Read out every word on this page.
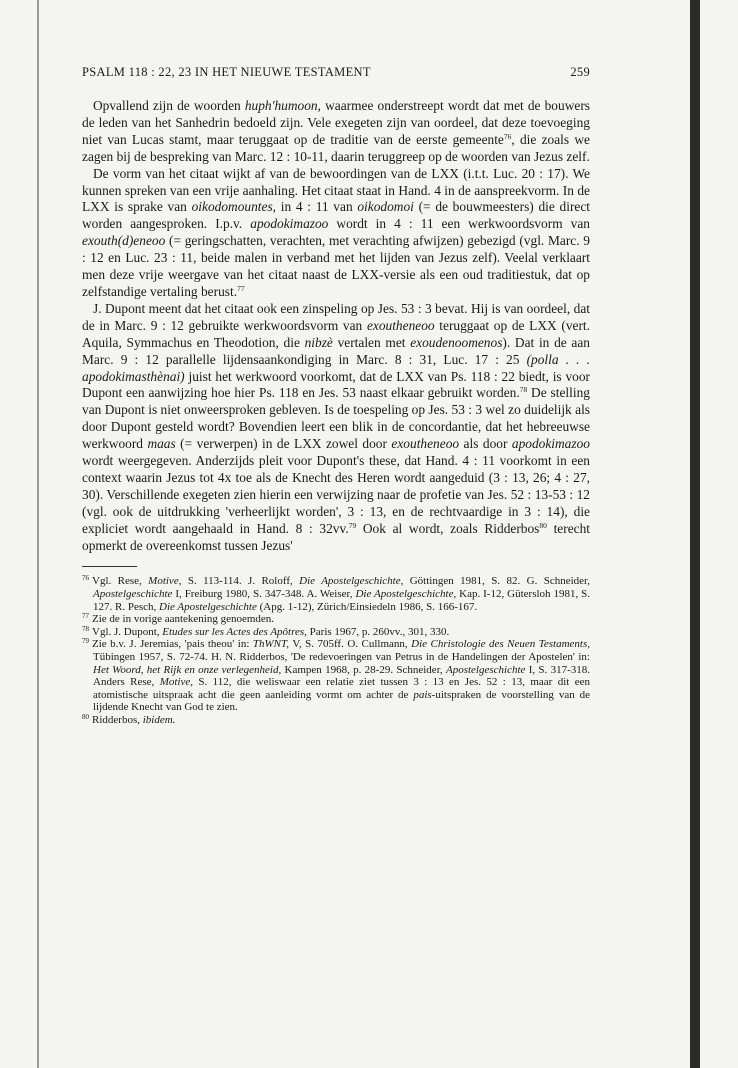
PSALM 118 : 22, 23 IN HET NIEUWE TESTAMENT	259

Opvallend zijn de woorden huph'humoon, waarmee onderstreept wordt dat met de bouwers de leden van het Sanhedrin bedoeld zijn. Vele exegeten zijn van oordeel, dat deze toevoeging niet van Lucas stamt, maar teruggaat op de traditie van de eerste gemeente$^{76}$, die zoals we zagen bij de bespreking van Marc. 12 : 10-11, daarin teruggreep op de woorden van Jezus zelf.

De vorm van het citaat wijkt af van de bewoordingen van de LXX (i.t.t. Luc. 20 : 17). We kunnen spreken van een vrije aanhaling. Het citaat staat in Hand. 4 in de aanspreekvorm. In de LXX is sprake van oikodomountes, in 4 : 11 van oikodomoi (= de bouwmeesters) die direct worden aangesproken. I.p.v. apodokimazoo wordt in 4 : 11 een werkwoordsvorm van exouth(d)eneoo (= geringschatten, verachten, met verachting afwijzen) gebezigd (vgl. Marc. 9 : 12 en Luc. 23 : 11, beide malen in verband met het lijden van Jezus zelf). Veelal verklaart men deze vrije weergave van het citaat naast de LXX-versie als een oud traditiestuk, dat op zelfstandige vertaling berust.$^{77}$

J. Dupont meent dat het citaat ook een zinspeling op Jes. 53 : 3 bevat. Hij is van oordeel, dat de in Marc. 9 : 12 gebruikte werkwoordsvorm van exoutheneoo teruggaat op de LXX (vert. Aquila, Symmachus en Theodotion, die nibzè vertalen met exoudenoomenos). Dat in de aan Marc. 9 : 12 parallelle lijdensaankondiging in Marc. 8 : 31, Luc. 17 : 25 (polla . . . apodokimasthènai) juist het werkwoord voorkomt, dat de LXX van Ps. 118 : 22 biedt, is voor Dupont een aanwijzing hoe hier Ps. 118 en Jes. 53 naast elkaar gebruikt worden.$^{78}$ De stelling van Dupont is niet onweersproken gebleven. Is de toespeling op Jes. 53 : 3 wel zo duidelijk als door Dupont gesteld wordt? Bovendien leert een blik in de concordantie, dat het hebreeuwse werkwoord maas (= verwerpen) in de LXX zowel door exoutheneoo als door apodokimazoo wordt weergegeven. Anderzijds pleit voor Dupont's these, dat Hand. 4 : 11 voorkomt in een context waarin Jezus tot 4x toe als de Knecht des Heren wordt aangeduid (3 : 13, 26; 4 : 27, 30). Verschillende exegeten zien hierin een verwijzing naar de profetie van Jes. 52 : 13-53 : 12 (vgl. ook de uitdrukking 'verheerlijkt worden', 3 : 13, en de rechtvaardige in 3 : 14), die expliciet wordt aangehaald in Hand. 8 : 32vv.$^{79}$ Ook al wordt, zoals Ridderbos$^{80}$ terecht opmerkt de overeenkomst tussen Jezus'

$^{76}$ Vgl. Rese, Motive, S. 113-114. J. Roloff, Die Apostelgeschichte, Göttingen 1981, S. 82. G. Schneider, Apostelgeschichte I, Freiburg 1980, S. 347-348. A. Weiser, Die Apostelgeschichte, Kap. I-12, Gütersloh 1981, S. 127. R. Pesch, Die Apostelgeschichte (Apg. 1-12), Zürich/Einsiedeln 1986, S. 166-167.

$^{77}$ Zie de in vorige aantekening genoemden.

$^{78}$ Vgl. J. Dupont, Etudes sur les Actes des Apôtres, Paris 1967, p. 260vv., 301, 330.

$^{79}$ Zie b.v. J. Jeremias, 'pais theou' in: ThWNT, V, S. 705ff. O. Cullmann, Die Christologie des Neuen Testaments, Tübingen 1957, S. 72-74. H. N. Ridderbos, 'De redevoeringen van Petrus in de Handelingen der Apostelen' in: Het Woord, het Rijk en onze verlegenheid, Kampen 1968, p. 28-29. Schneider, Apostelgeschichte I, S. 317-318. Anders Rese, Motive, S. 112, die weliswaar een relatie ziet tussen 3 : 13 en Jes. 52 : 13, maar dit een atomistische uitspraak acht die geen aanleiding vormt om achter de pais-uitspraken de voorstelling van de lijdende Knecht van God te zien.

$^{80}$ Ridderbos, ibidem.
